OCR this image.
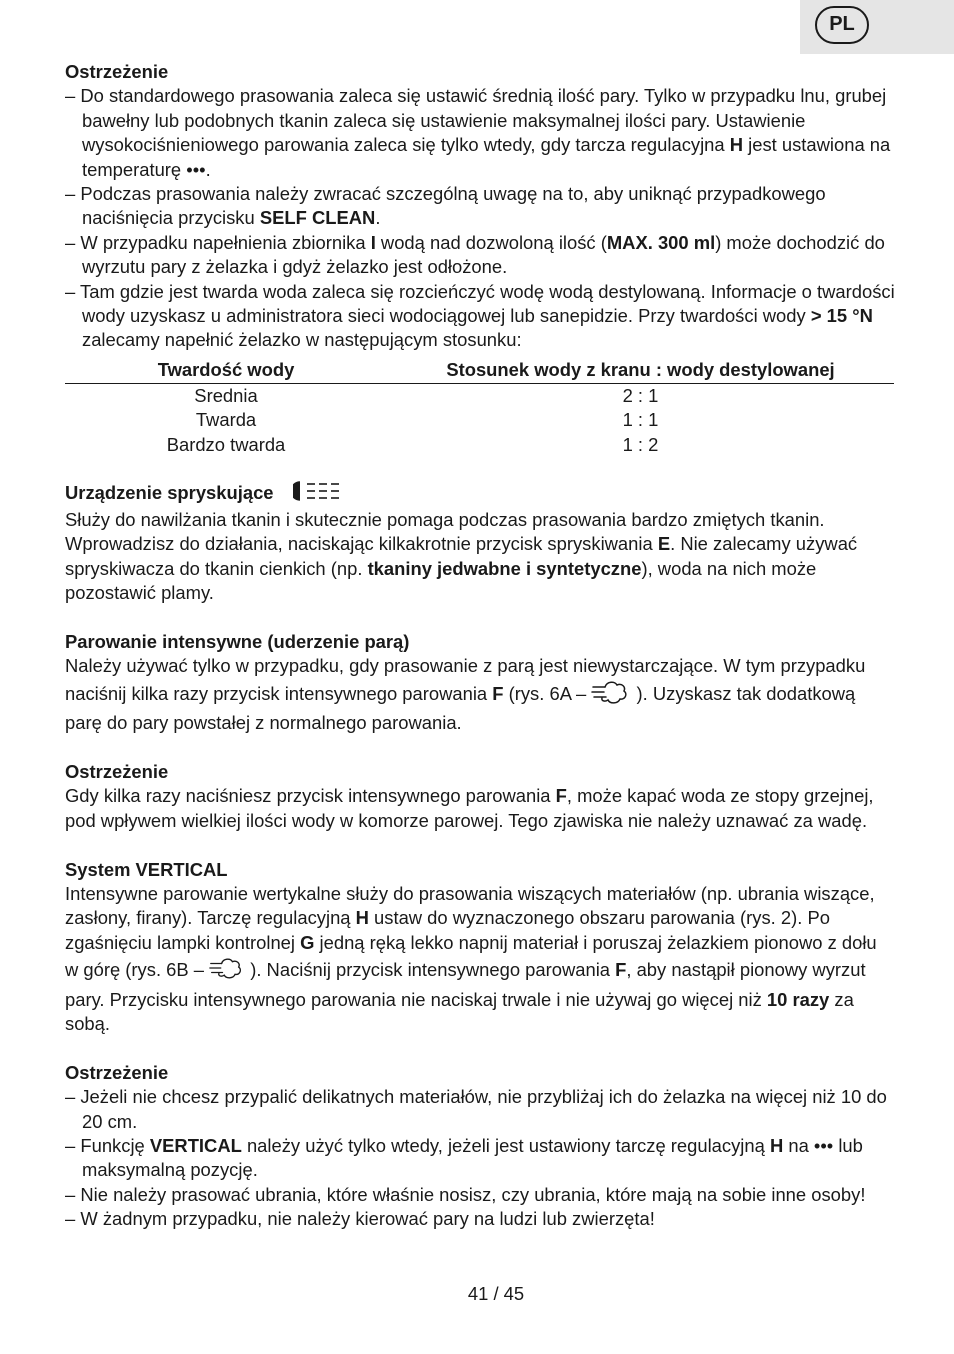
PL

Ostrzeżenie

– Do standardowego prasowania zaleca się ustawić średnią ilość pary. Tylko w przypadku lnu, grubej bawełny lub podobnych tkanin zaleca się ustawienie maksymalnej ilości pary. Ustawienie wysokociśnieniowego parowania zaleca się tylko wtedy, gdy tarcza regulacyjna H jest ustawiona na temperaturę •••.

– Podczas prasowania należy zwracać szczególną uwagę na to, aby uniknąć przypadkowego naciśnięcia przycisku SELF CLEAN.

– W przypadku napełnienia zbiornika I wodą nad dozwoloną ilość (MAX. 300 ml) może dochodzić do wyrzutu pary z żelazka i gdyż żelazko jest odłożone.

– Tam gdzie jest twarda woda zaleca się rozcieńczyć wodę wodą destylowaną. Informacje o twardości wody uzyskasz u administratora sieci wodociągowej lub sanepidzie. Przy twardości wody > 15 °N zalecamy napełnić żelazko w następującym stosunku:

Twardość wody	Stosunek wody z kranu : wody destylowanej
Srednia	2 : 1
Twarda	1 : 1
Bardzo twarda	1 : 2

Urządzenie spryskujące

Służy do nawilżania tkanin i skutecznie pomaga podczas prasowania bardzo zmiętych tkanin. Wprowadzisz do działania, naciskając kilkakrotnie przycisk spryskiwania E. Nie zalecamy używać spryskiwacza do tkanin cienkich (np. tkaniny jedwabne i syntetyczne), woda na nich może pozostawić plamy.

Parowanie intensywne (uderzenie parą)

Należy używać tylko w przypadku, gdy prasowanie z parą jest niewystarczające. W tym przypadku naciśnij kilka razy przycisk intensywnego parowania F (rys. 6A –  ). Uzyskasz tak dodatkową parę do pary powstałej z normalnego parowania.

Ostrzeżenie

Gdy kilka razy naciśniesz przycisk intensywnego parowania F, może kapać woda ze stopy grzejnej, pod wpływem wielkiej ilości wody w komorze parowej. Tego zjawiska nie należy uznawać za wadę.

System VERTICAL

Intensywne parowanie wertykalne służy do prasowania wiszących materiałów (np. ubrania wiszące, zasłony, firany). Tarczę regulacyjną H ustaw do wyznaczonego obszaru parowania (rys. 2). Po zgaśnięciu lampki kontrolnej G jedną ręką lekko napnij materiał i poruszaj żelazkiem pionowo z dołu w górę (rys. 6B –  ). Naciśnij przycisk intensywnego parowania F, aby nastąpił pionowy wyrzut pary. Przycisku intensywnego parowania nie naciskaj trwale i nie używaj go więcej niż 10 razy za sobą.

Ostrzeżenie

– Jeżeli nie chcesz przypalić delikatnych materiałów, nie przybliżaj ich do żelazka na więcej niż 10 do 20 cm.

– Funkcję VERTICAL należy użyć tylko wtedy, jeżeli jest ustawiony tarczę regulacyjną H na ••• lub maksymalną pozycję.

– Nie należy prasować ubrania, które właśnie nosisz, czy ubrania, które mają na sobie inne osoby!

– W żadnym przypadku, nie należy kierować pary na ludzi lub zwierzęta!

41 / 45
